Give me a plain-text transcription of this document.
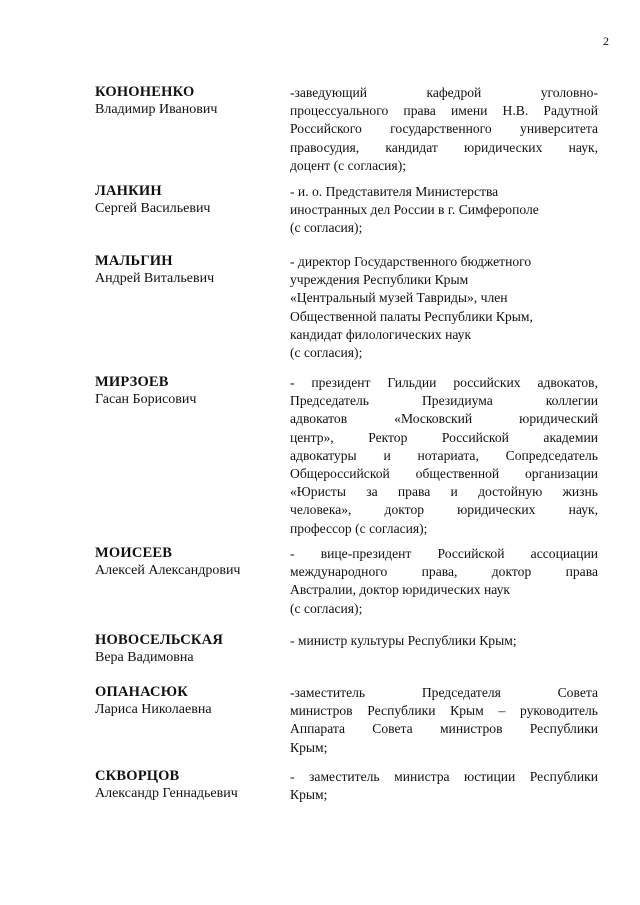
2
КОНОНЕНКО
Владимир Иванович
-заведующий кафедрой уголовно-
процессуального права имени Н.В. Радутной
Российского государственного университета
правосудия, кандидат юридических наук,
доцент (с согласия);
ЛАНКИН
Сергей Васильевич
- и. о. Представителя Министерства
иностранных дел России в г. Симферополе
(с согласия);
МАЛЬГИН
Андрей Витальевич
- директор Государственного бюджетного
учреждения Республики Крым
«Центральный музей Тавриды», член
Общественной палаты Республики Крым,
кандидат филологических наук
(с согласия);
МИРЗОЕВ
Гасан Борисович
- президент Гильдии российских адвокатов,
Председатель Президиума коллегии
адвокатов «Московский юридический
центр», Ректор Российской академии
адвокатуры и нотариата, Сопредседатель
Общероссийской общественной организации
«Юристы за права и достойную жизнь
человека», доктор юридических наук,
профессор (с согласия);
МОИСЕЕВ
Алексей Александрович
- вице-президент Российской ассоциации
международного права, доктор права
Австралии, доктор юридических наук
(с согласия);
НОВОСЕЛЬСКАЯ
Вера Вадимовна
- министр культуры Республики Крым;
ОПАНАСЮК
Лариса Николаевна
-заместитель Председателя Совета
министров Республики Крым – руководитель
Аппарата Совета министров Республики
Крым;
СКВОРЦОВ
Александр Геннадьевич
- заместитель министра юстиции Республики
Крым;
